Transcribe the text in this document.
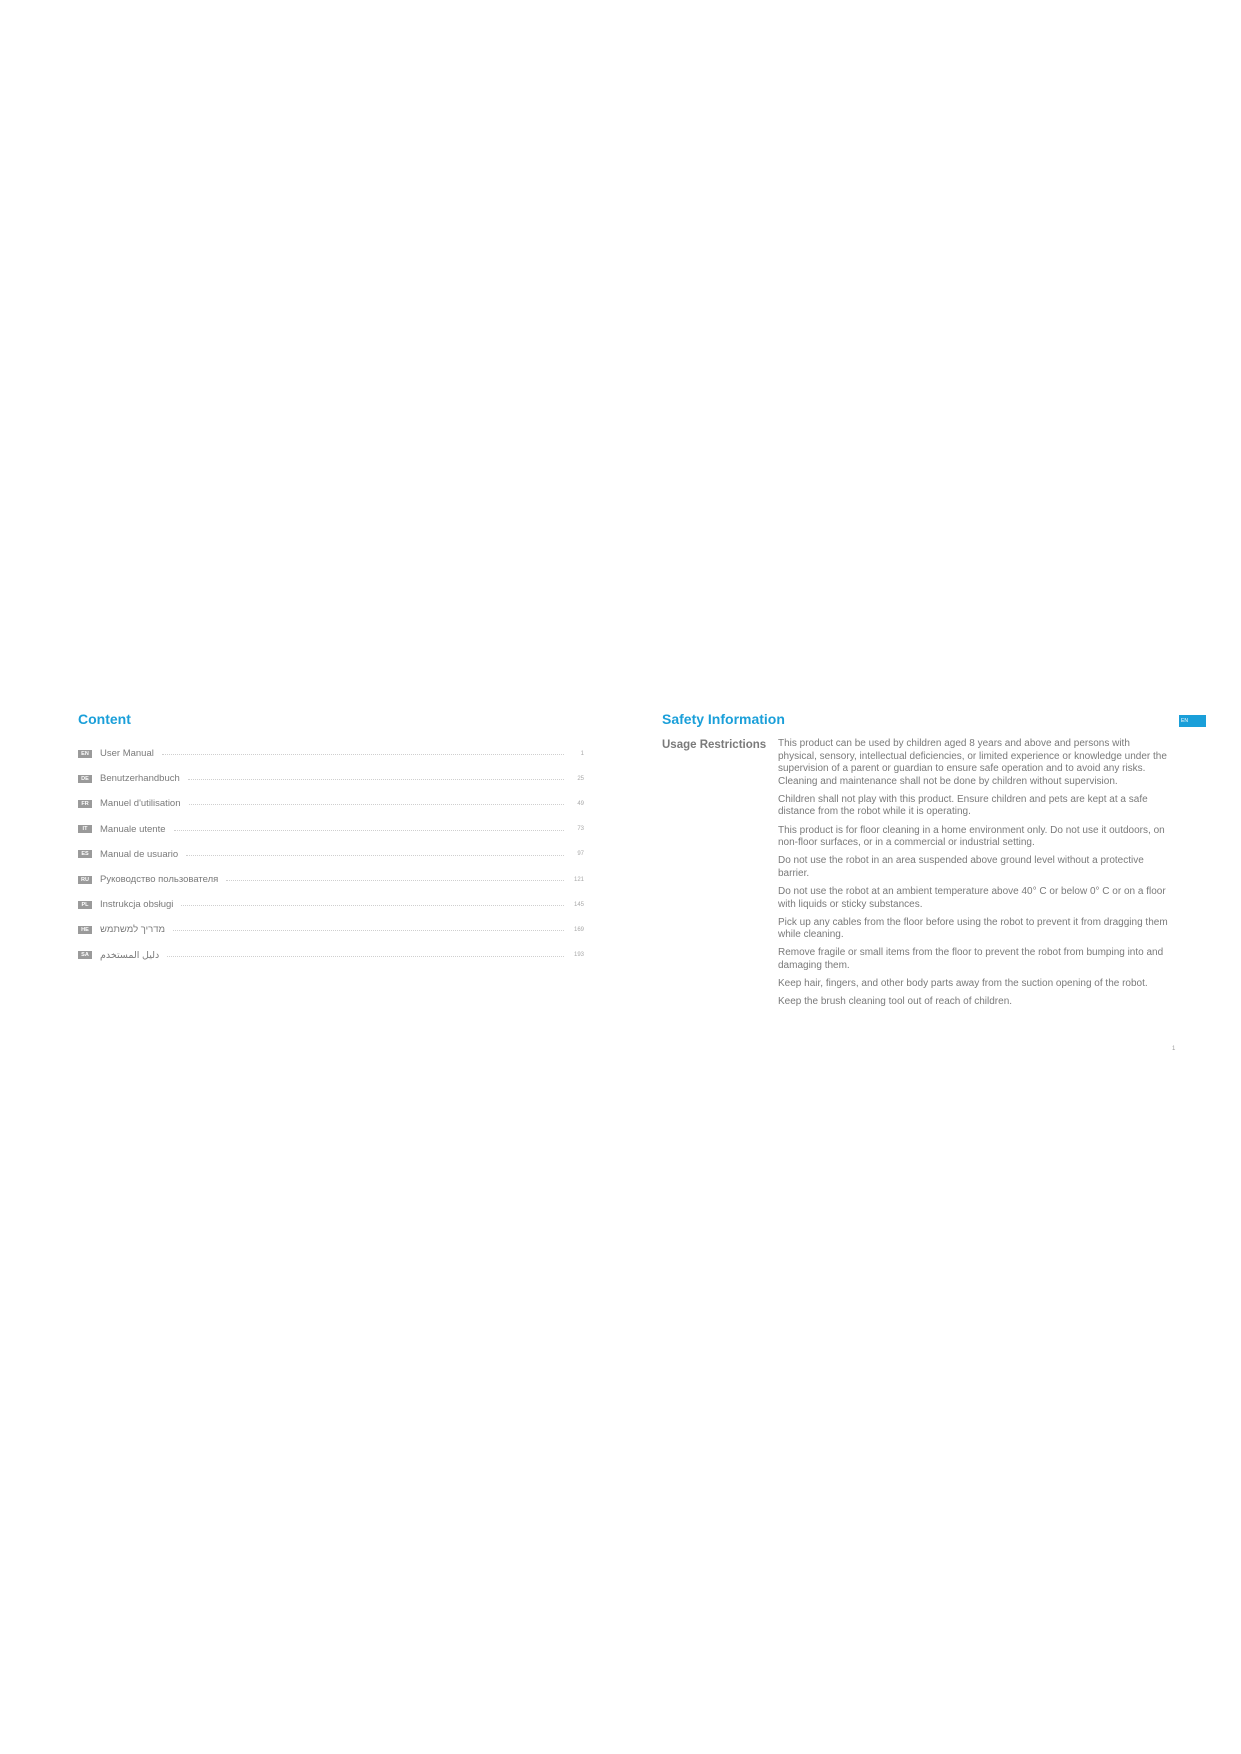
Content
EN	User Manual	1
DE	Benutzerhandbuch	25
FR	Manuel d'utilisation	49
IT	Manuale utente	73
ES	Manual de usuario	97
RU	Руководство пользователя	121
PL	Instrukcja obsługi	145
HE	מדריך למשתמש	169
SA	دليل المستخدم	193
EN
Safety Information
Usage Restrictions	This product can be used by children aged 8 years and above and persons with physical, sensory, intellectual deficiencies, or limited experience or knowledge under the supervision of a parent or guardian to ensure safe operation and to avoid any risks. Cleaning and maintenance shall not be done by children without supervision.
Children shall not play with this product. Ensure children and pets are kept at a safe distance from the robot while it is operating.
This product is for floor cleaning in a home environment only. Do not use it outdoors, on non-floor surfaces, or in a commercial or industrial setting.
Do not use the robot in an area suspended above ground level without a protective barrier.
Do not use the robot at an ambient temperature above 40° C or below 0° C or on a floor with liquids or sticky substances.
Pick up any cables from the floor before using the robot to prevent it from dragging them while cleaning.
Remove fragile or small items from the floor to prevent the robot from bumping into and damaging them.
Keep hair, fingers, and other body parts away from the suction opening of the robot.
Keep the brush cleaning tool out of reach of children.
1
